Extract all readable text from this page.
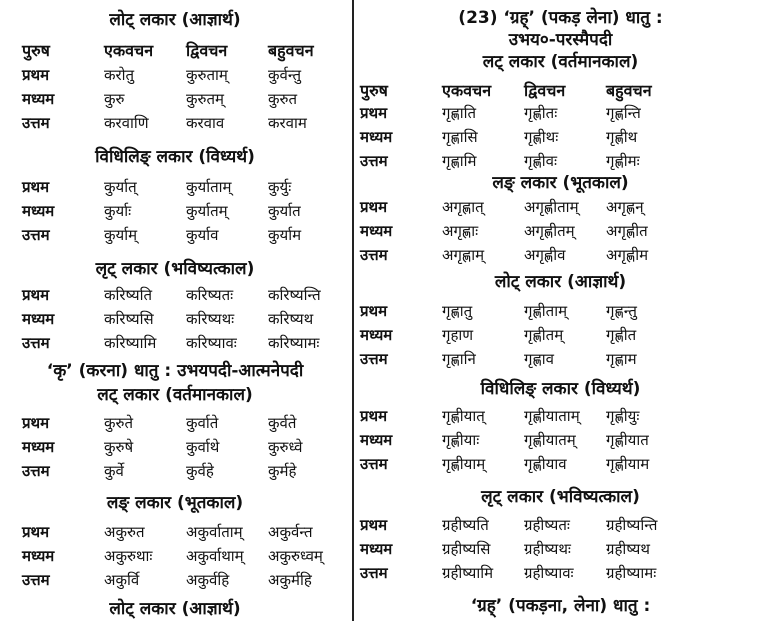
लोट् लकार (आज्ञार्थ)
पुरुष	एकवचन द्विवचन	बहुवचन
प्रथम	करोतु	कुरुताम्	कुर्वन्तु
मध्यम	कुरु	कुरुतम्	कुरुत
उत्तम	करवाणि करवाव	करवाम
विधिलिङ् लकार (विध्यर्थ)
प्रथम	कुर्यात्	कुर्याताम् कुर्युः
मध्यम	कुर्याः	कुर्यातम्	कुर्यात
उत्तम	कुर्याम्	कुर्याव	कुर्याम
लृट् लकार (भविष्यत्काल)
प्रथम	करिष्यति करिष्यतः करिष्यन्ति
मध्यम	करिष्यसि करिष्यथः करिष्यथ
उत्तम	करिष्यामि करिष्यावः करिष्यामः
‘कृ’ (करना) धातु : उभयपदी-आत्मनेपदी
लट् लकार (वर्तमानकाल)
प्रथम	कुरुते	कुर्वाते	कुर्वते
मध्यम	कुरुषे	कुर्वाथे	कुरुध्वे
उत्तम	कुर्वे	कुर्वहे	कुर्महे
लङ् लकार (भूतकाल)
प्रथम	अकुरुत	अकुर्वाताम् अकुर्वन्त
मध्यम	अकुरुथाः अकुर्वाथाम् अकुरुध्वम्
उत्तम	अकुर्वि	अकुर्वहि	अकुर्महि
लोट् लकार (आज्ञार्थ)
(23) ‘ग्रह्’ (पकड़ लेना) धातु :
उभय०-परस्मैपदी
लट् लकार (वर्तमानकाल)
पुरुष	एकवचन द्विवचन	बहुवचन
प्रथम	गृह्णाति	गृह्णीतः	गृह्णन्ति
मध्यम	गृह्णासि	गृह्णीथः	गृह्णीथ
उत्तम	गृह्णामि	गृह्णीवः	गृह्णीमः
लङ् लकार (भूतकाल)
प्रथम	अगृह्णात्	अगृह्णीताम् अगृह्णन्
मध्यम	अगृह्णाः	अगृह्णीतम् अगृह्णीत
उत्तम	अगृह्णाम्	अगृह्णीव	अगृह्णीम
लोट् लकार (आज्ञार्थ)
प्रथम	गृह्णातु	गृह्णीताम्	गृह्णन्तु
मध्यम	गृहाण	गृह्णीतम्	गृह्णीत
उत्तम	गृह्णानि	गृह्णाव	गृह्णाम
विधिलिङ् लकार (विध्यर्थ)
प्रथम	गृह्णीयात्	गृह्णीयाताम् गृह्णीयुः
मध्यम	गृह्णीयाः	गृह्णीयातम् गृह्णीयात
उत्तम	गृह्णीयाम्	गृह्णीयाव	गृह्णीयाम
लृट् लकार (भविष्यत्काल)
प्रथम	ग्रहीष्यति ग्रहीष्यतः ग्रहीष्यन्ति
मध्यम	ग्रहीष्यसि ग्रहीष्यथः ग्रहीष्यथ
उत्तम	ग्रहीष्यामि ग्रहीष्यावः ग्रहीष्यामः
‘ग्रह्’ (पकड़ना, लेना) धातु :
